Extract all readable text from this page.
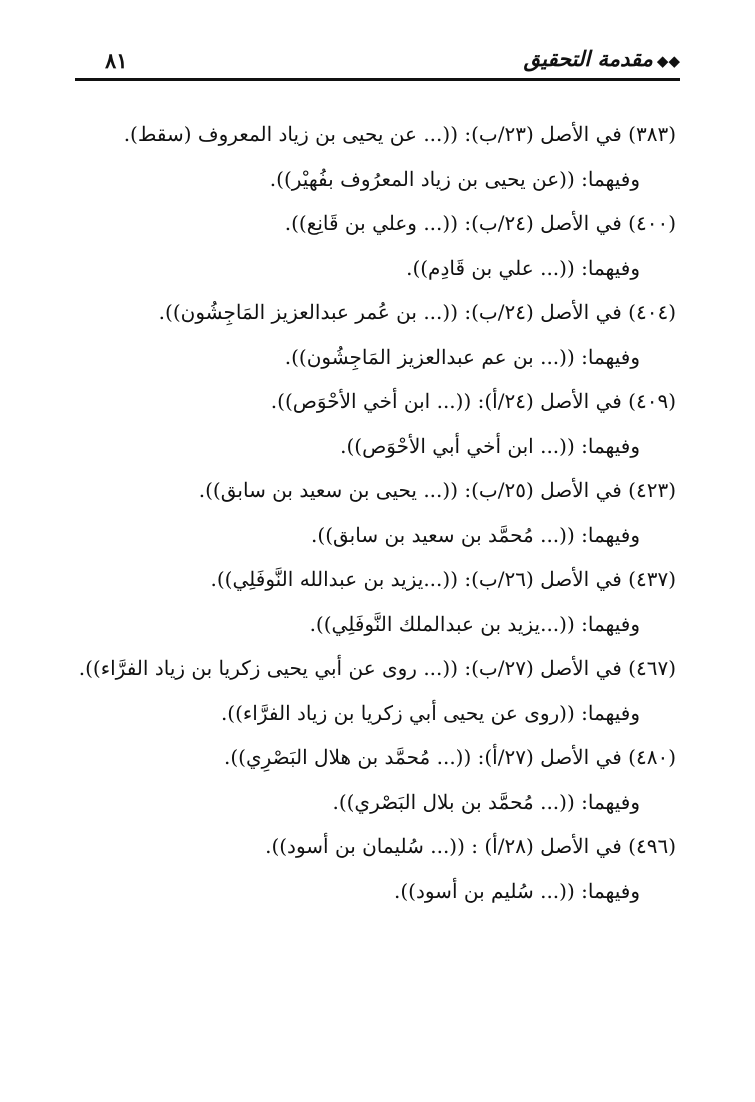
◆◆مقدمة التحقيق
٨١

(٣٨٣) في الأصل (٢٣/ب): ((... عن يحيى بن زياد المعروف (سقط).

وفيهما: ((عن يحيى بن زياد المعرُوف بفُهيْر)).

(٤٠٠) في الأصل (٢٤/ب): ((... وعلي بن قَانِع)).

وفيهما: ((... علي بن قَادِم)).

(٤٠٤) في الأصل (٢٤/ب): ((... بن عُمر عبدالعزيز المَاجِشُون)).

وفيهما: ((... بن عم عبدالعزيز المَاجِشُون)).

(٤٠٩) في الأصل (٢٤/أ): ((... ابن أخي الأحْوَص)).

وفيهما: ((... ابن أخي أبي الأحْوَص)).

(٤٢٣) في الأصل (٢٥/ب): ((... يحيى بن سعيد بن سابق)).

وفيهما: ((... مُحمَّد بن سعيد بن سابق)).

(٤٣٧) في الأصل (٢٦/ب): ((...يزيد بن عبدالله النَّوفَلِي)).

وفيهما: ((...يزيد بن عبدالملك النَّوفَلِي)).

(٤٦٧) في الأصل (٢٧/ب): ((... روى عن أبي يحيى زكريا بن زياد الفرَّاء)).

وفيهما: ((روى عن يحيى أبي زكريا بن زياد الفرَّاء)).

(٤٨٠) في الأصل (٢٧/أ): ((... مُحمَّد بن هلال البَصْرِي)).

وفيهما: ((... مُحمَّد بن بلال البَصْري)).

(٤٩٦) في الأصل (٢٨/أ) : ((... سُليمان بن أسود)).

وفيهما: ((... سُليم بن أسود)).
